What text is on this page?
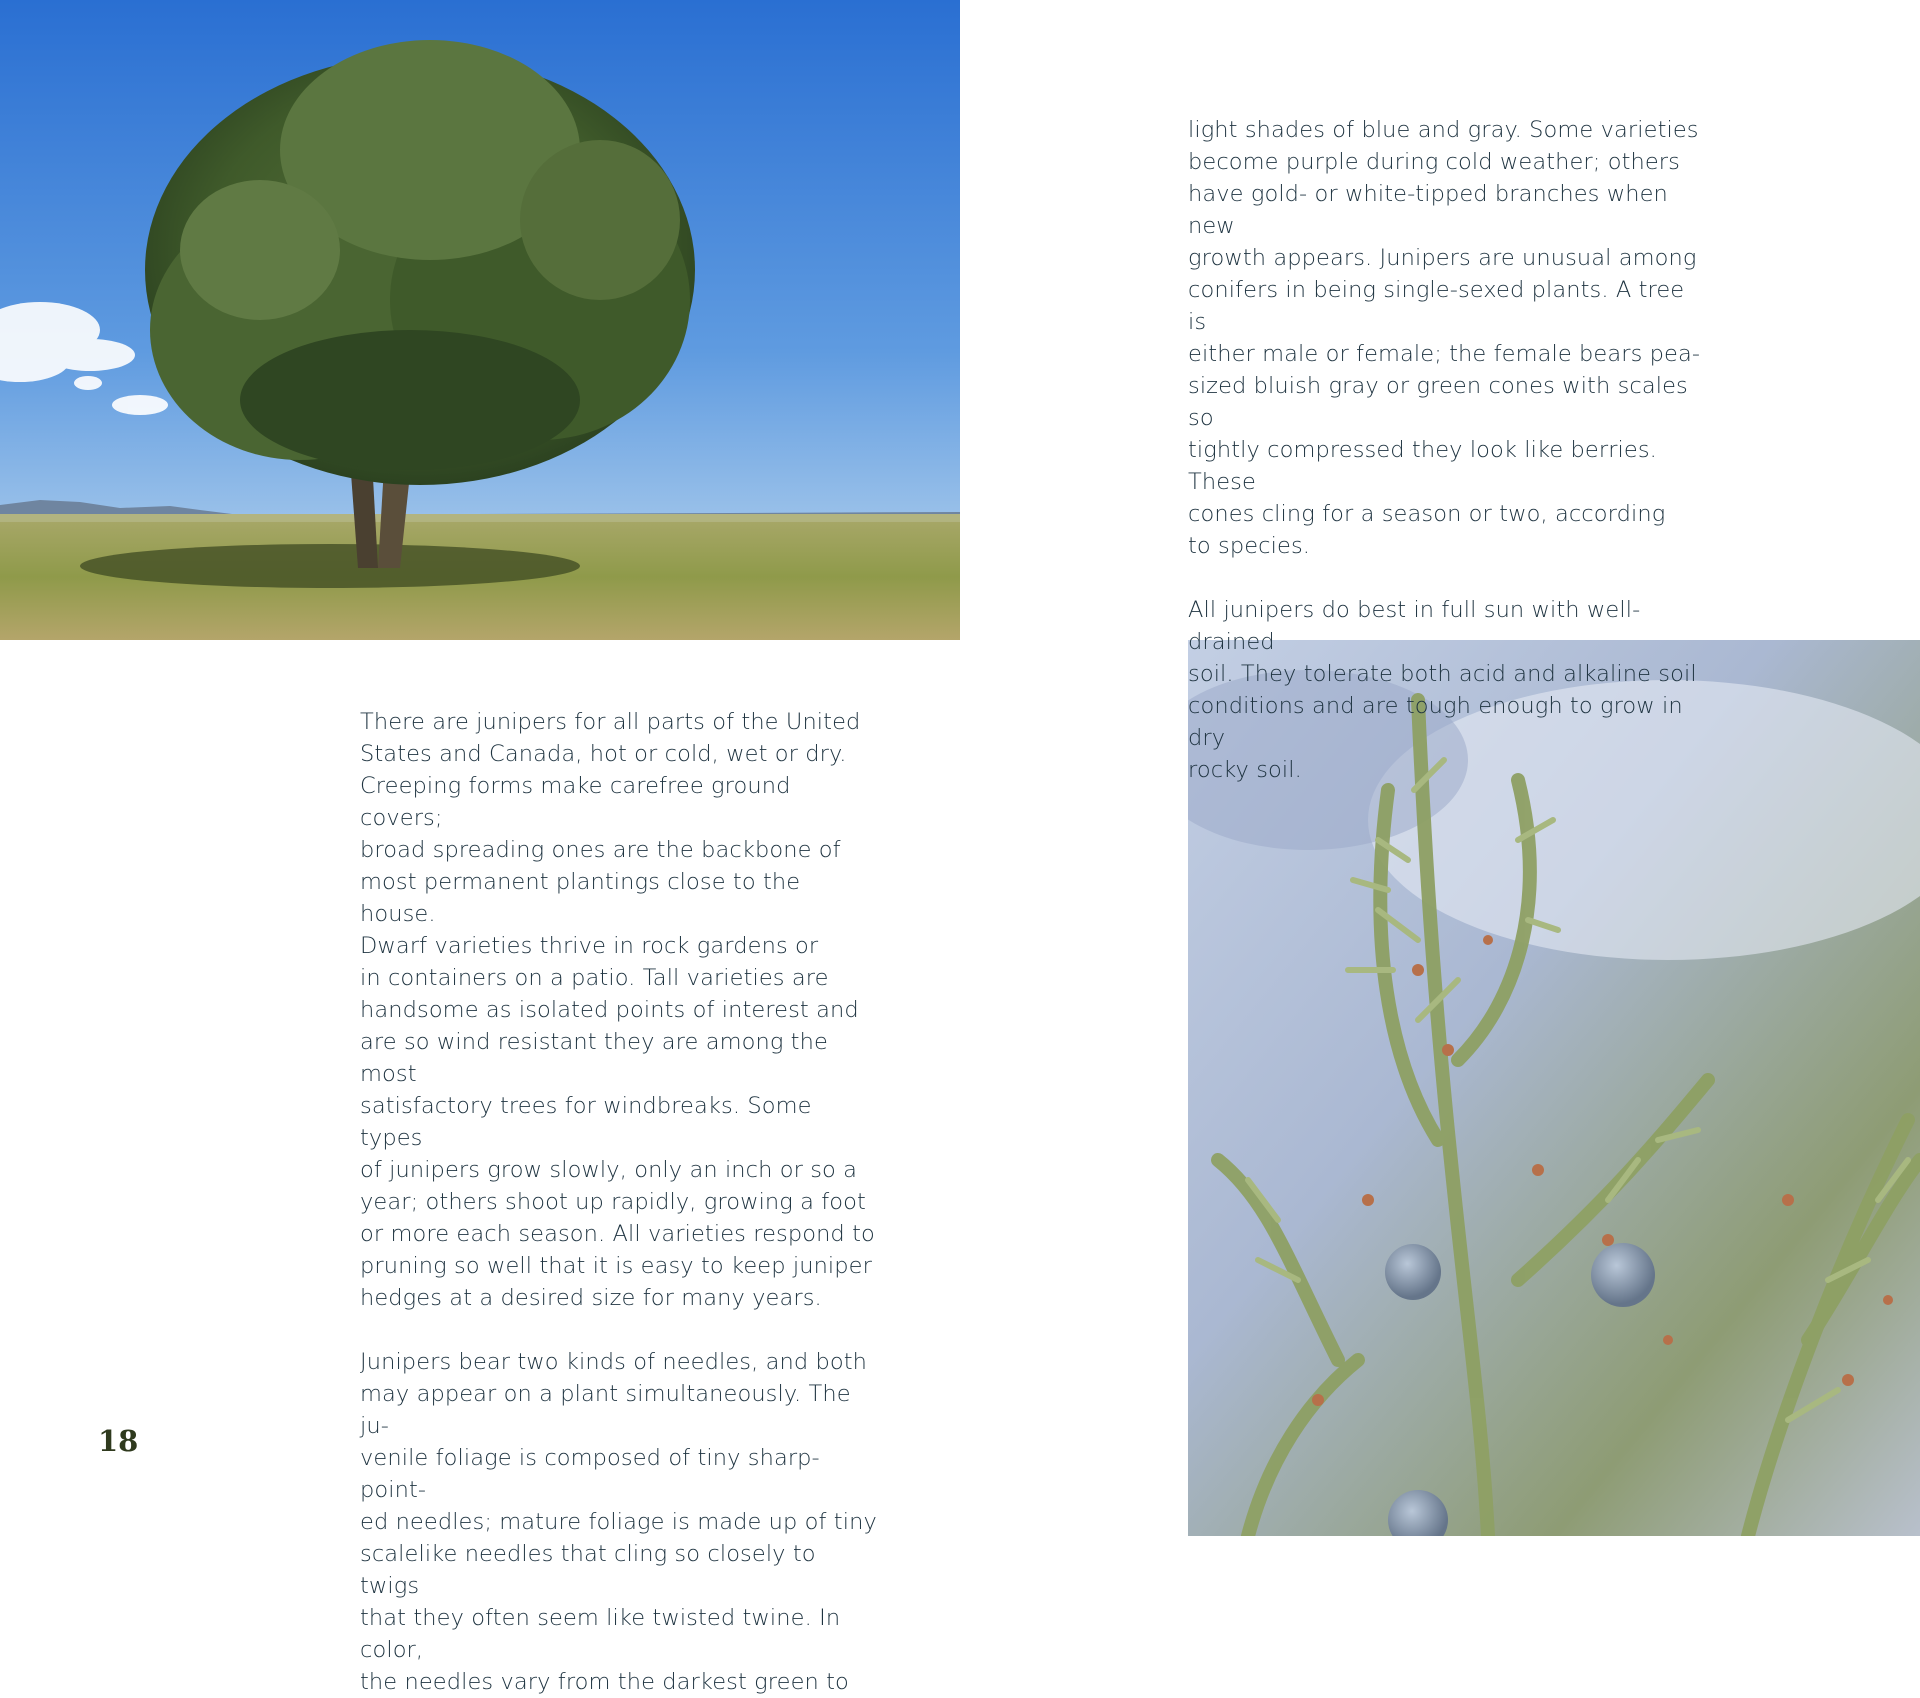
There are junipers for all parts of the United
States and Canada, hot or cold, wet or dry.
Creeping forms make carefree ground covers;
broad spreading ones are the backbone of
most permanent plantings close to the house.
Dwarf varieties thrive in rock gardens or
in containers on a patio. Tall varieties are
handsome as isolated points of interest and
are so wind resistant they are among the most
satisfactory trees for windbreaks. Some types
of junipers grow slowly, only an inch or so a
year; others shoot up rapidly, growing a foot
or more each season. All varieties respond to
pruning so well that it is easy to keep juniper
hedges at a desired size for many years.

Junipers bear two kinds of needles, and both
may appear on a plant simultaneously. The ju-
venile foliage is composed of tiny sharp-point-
ed needles; mature foliage is made up of tiny
scalelike needles that cling so closely to twigs
that they often seem like twisted twine. In color,
the needles vary from the darkest green to

light shades of blue and gray. Some varieties
become purple during cold weather; others
have gold- or white-tipped branches when new
growth appears. Junipers are unusual among
conifers in being single-sexed plants. A tree is
either male or female; the female bears pea-
sized bluish gray or green cones with scales so
tightly compressed they look like berries. These
cones cling for a season or two, according
to species.

All junipers do best in full sun with well-drained
soil. They tolerate both acid and alkaline soil
conditions and are tough enough to grow in dry
rocky soil.

18
